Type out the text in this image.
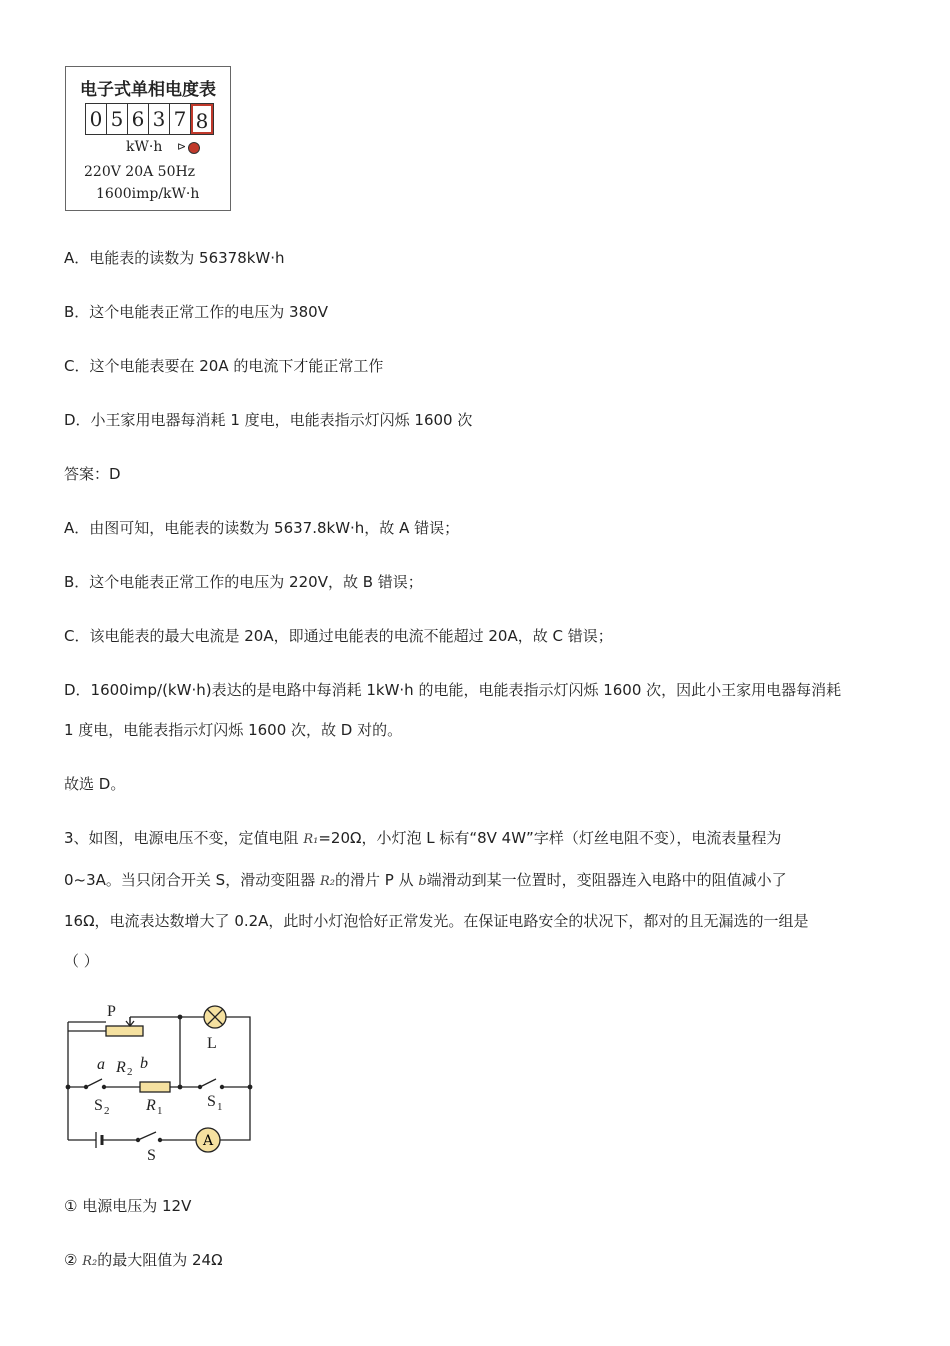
电子式单相电度表
0 5 6 3 7 8
kW·h ⊳
220V 20A 50Hz
1600imp/kW·h
A．电能表的读数为 56378kW·h
B．这个电能表正常工作的电压为 380V
C．这个电能表要在 20A 的电流下才能正常工作
D．小王家用电器每消耗 1 度电，电能表指示灯闪烁 1600 次
答案：D
A．由图可知，电能表的读数为 5637.8kW·h，故 A 错误；
B．这个电能表正常工作的电压为 220V，故 B 错误；
C．该电能表的最大电流是 20A，即通过电能表的电流不能超过 20A，故 C 错误；
D．1600imp/(kW·h)表达的是电路中每消耗 1kW·h 的电能，电能表指示灯闪烁 1600 次，因此小王家用电器每消耗
1 度电，电能表指示灯闪烁 1600 次，故 D 对的。
故选 D。
3、如图，电源电压不变，定值电阻 R₁=20Ω，小灯泡 L 标有“8V 4W”字样（灯丝电阻不变），电流表量程为
0~3A。当只闭合开关 S，滑动变阻器 R₂的滑片 P 从 b端滑动到某一位置时，变阻器连入电路中的阻值减小了
16Ω，电流表达数增大了 0.2A，此时小灯泡恰好正常发光。在保证电路安全的状况下，都对的且无漏选的一组是
（ ）
A
P
a R 2 b
L
S 2 R 1
S 1
S
① 电源电压为 12V
② R₂的最大阻值为 24Ω
